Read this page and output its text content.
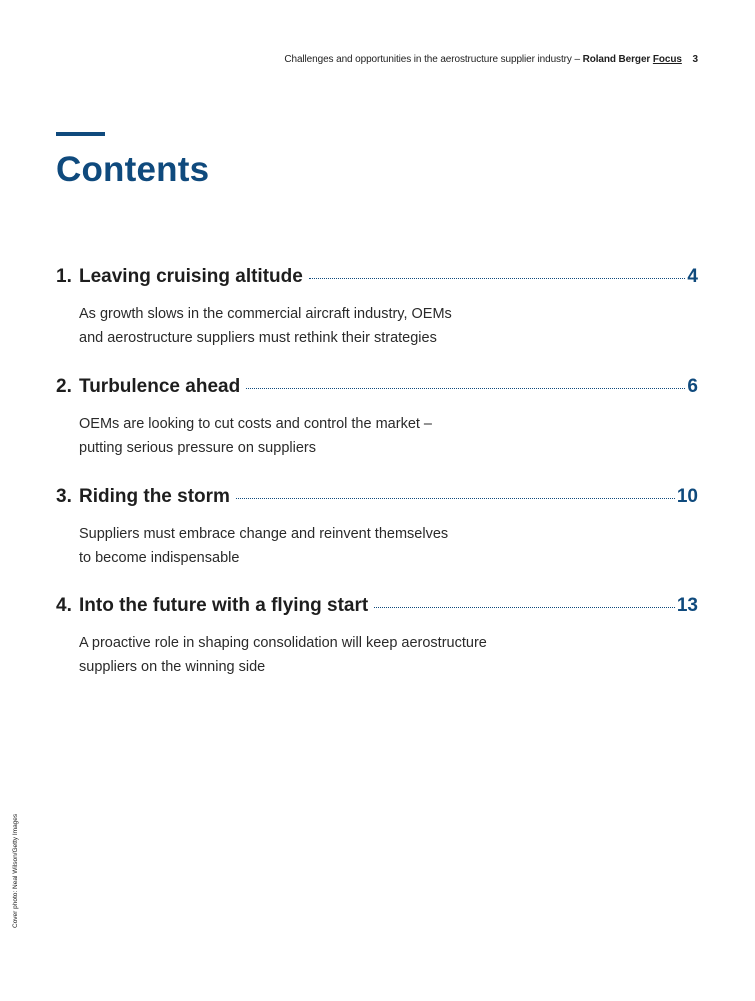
Challenges and opportunities in the aerostructure supplier industry – Roland Berger Focus 3
Contents
1. Leaving cruising altitude	4
As growth slows in the commercial aircraft industry, OEMs
and aerostructure suppliers must rethink their strategies
2. Turbulence ahead	6
OEMs are looking to cut costs and control the market –
putting serious pressure on suppliers
3. Riding the storm	10
Suppliers must embrace change and reinvent themselves
to become indispensable
4. Into the future with a flying start	13
A proactive role in shaping consolidation will keep aerostructure
suppliers on the winning side
Cover photo: Neal Wilson/Getty Images
